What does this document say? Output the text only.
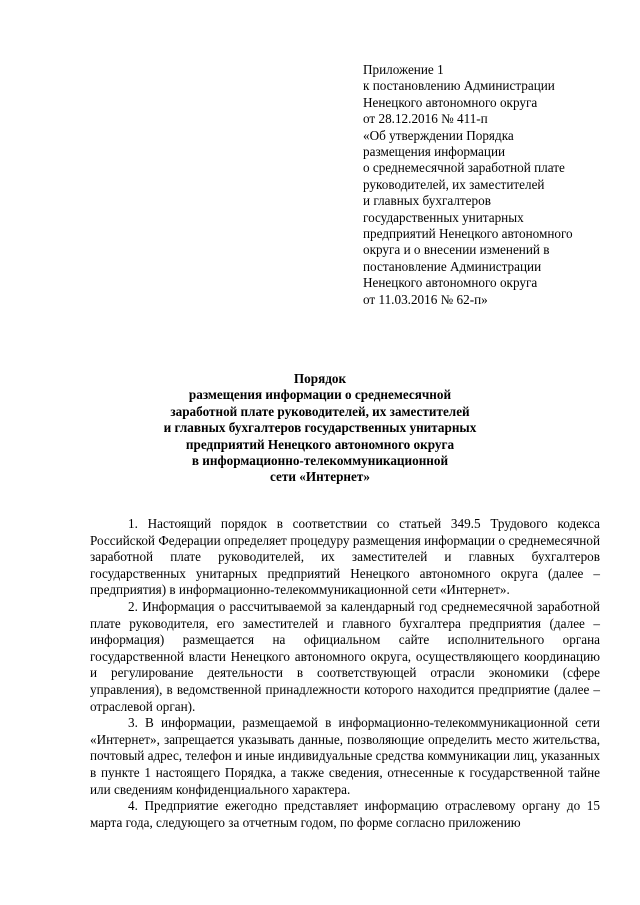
Приложение 1
к постановлению Администрации
Ненецкого автономного округа
от 28.12.2016 № 411-п
«Об утверждении Порядка
размещения информации
о среднемесячной заработной плате
руководителей, их заместителей
и главных бухгалтеров
государственных унитарных
предприятий Ненецкого автономного
округа и о внесении изменений в
постановление Администрации
Ненецкого автономного округа
от 11.03.2016 № 62-п»
Порядок
размещения информации о среднемесячной
заработной плате руководителей, их заместителей
и главных бухгалтеров государственных унитарных
предприятий Ненецкого автономного округа
в информационно-телекоммуникационной
сети «Интернет»

1. Настоящий порядок в соответствии со статьей 349.5 Трудового кодекса Российской Федерации определяет процедуру размещения информации о среднемесячной заработной плате руководителей, их заместителей и главных бухгалтеров государственных унитарных предприятий Ненецкого автономного округа (далее – предприятия) в информационно-телекоммуникационной сети «Интернет».

2. Информация о рассчитываемой за календарный год среднемесячной заработной плате руководителя, его заместителей и главного бухгалтера предприятия (далее – информация) размещается на официальном сайте исполнительного органа государственной власти Ненецкого автономного округа, осуществляющего координацию и регулирование деятельности в соответствующей отрасли экономики (сфере управления), в ведомственной принадлежности которого находится предприятие (далее – отраслевой орган).

3. В информации, размещаемой в информационно-телекоммуникационной сети «Интернет», запрещается указывать данные, позволяющие определить место жительства, почтовый адрес, телефон и иные индивидуальные средства коммуникации лиц, указанных в пункте 1 настоящего Порядка, а также сведения, отнесенные к государственной тайне или сведениям конфиденциального характера.

4. Предприятие ежегодно представляет информацию отраслевому органу до 15 марта года, следующего за отчетным годом, по форме согласно приложению
